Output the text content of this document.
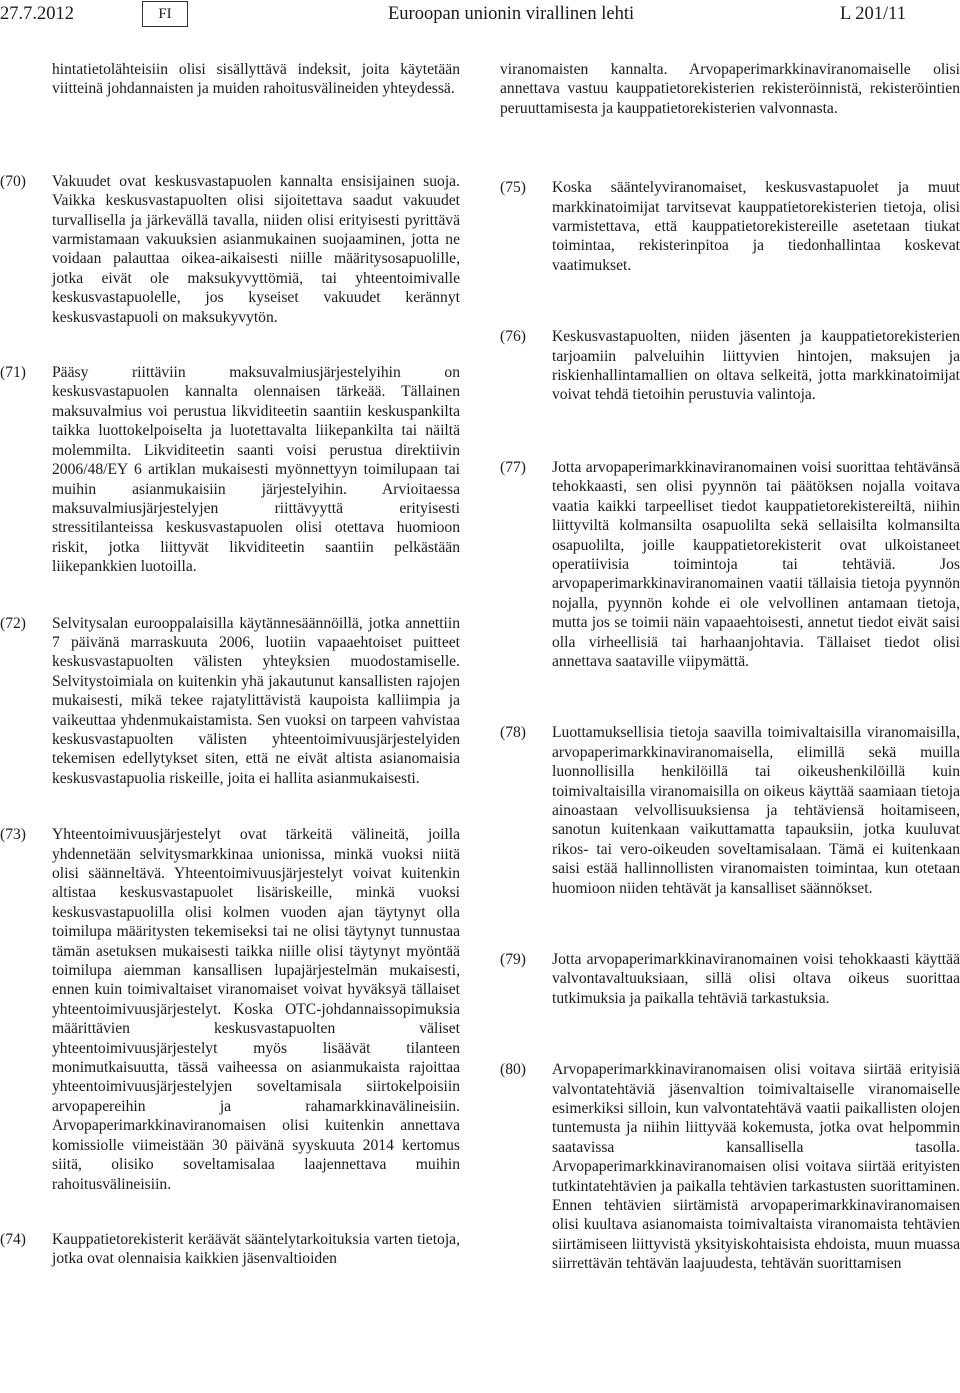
27.7.2012	FI	Euroopan unionin virallinen lehti	L 201/11

hintatietolähteisiin olisi sisällyttävä indeksit, joita käytetään viitteinä johdannaisten ja muiden rahoitusvälineiden yhteydessä.

(70) Vakuudet ovat keskusvastapuolen kannalta ensisijainen suoja. Vaikka keskusvastapuolten olisi sijoitettava saadut vakuudet turvallisella ja järkevällä tavalla, niiden olisi erityisesti pyrittävä varmistamaan vakuuksien asianmukainen suojaaminen, jotta ne voidaan palauttaa oikea-aikaisesti niille määritysosapuolille, jotka eivät ole maksukyvyttömiä, tai yhteentoimivalle keskusvastapuolelle, jos kyseiset vakuudet kerännyt keskusvastapuoli on maksukyvytön.

(71) Pääsy riittäviin maksuvalmiusjärjestelyihin on keskusvastapuolen kannalta olennaisen tärkeää. Tällainen maksuvalmius voi perustua likviditeetin saantiin keskuspankilta taikka luottokelpoiselta ja luotettavalta liikepankilta tai näiltä molemmilta. Likviditeetin saanti voisi perustua direktiivin 2006/48/EY 6 artiklan mukaisesti myönnettyyn toimilupaan tai muihin asianmukaisiin järjestelyihin. Arvioitaessa maksuvalmiusjärjestelyjen riittävyyttä erityisesti stressitilanteissa keskusvastapuolen olisi otettava huomioon riskit, jotka liittyvät likviditeetin saantiin pelkästään liikepankkien luotoilla.

(72) Selvitysalan eurooppalaisilla käytännesäännöillä, jotka annettiin 7 päivänä marraskuuta 2006, luotiin vapaaehtoiset puitteet keskusvastapuolten välisten yhteyksien muodostamiselle. Selvitystoimiala on kuitenkin yhä jakautunut kansallisten rajojen mukaisesti, mikä tekee rajatylittävistä kaupoista kalliimpia ja vaikeuttaa yhdenmukaistamista. Sen vuoksi on tarpeen vahvistaa keskusvastapuolten välisten yhteentoimivuusjärjestelyiden tekemisen edellytykset siten, että ne eivät altista asianomaisia keskusvastapuolia riskeille, joita ei hallita asianmukaisesti.

(73) Yhteentoimivuusjärjestelyt ovat tärkeitä välineitä, joilla yhdennetään selvitysmarkkinaa unionissa, minkä vuoksi niitä olisi säänneltävä. Yhteentoimivuusjärjestelyt voivat kuitenkin altistaa keskusvastapuolet lisäriskeille, minkä vuoksi keskusvastapuolilla olisi kolmen vuoden ajan täytynyt olla toimilupa määritysten tekemiseksi tai ne olisi täytynyt tunnustaa tämän asetuksen mukaisesti taikka niille olisi täytynyt myöntää toimilupa aiemman kansallisen lupajärjestelmän mukaisesti, ennen kuin toimivaltaiset viranomaiset voivat hyväksyä tällaiset yhteentoimivuusjärjestelyt. Koska OTC-johdannaissopimuksia määrittävien keskusvastapuolten väliset yhteentoimivuusjärjestelyt myös lisäävät tilanteen monimutkaisuutta, tässä vaiheessa on asianmukaista rajoittaa yhteentoimivuusjärjestelyjen soveltamisala siirtokelpoisiin arvopapereihin ja rahamarkkinavälineisiin. Arvopaperimarkkinaviranomaisen olisi kuitenkin annettava komissiolle viimeistään 30 päivänä syyskuuta 2014 kertomus siitä, olisiko soveltamisalaa laajennettava muihin rahoitusvälineisiin.

(74) Kauppatietorekisterit keräävät sääntelytarkoituksia varten tietoja, jotka ovat olennaisia kaikkien jäsenvaltioiden

viranomaisten kannalta. Arvopaperimarkkinaviranomaiselle olisi annettava vastuu kauppatietorekisterien rekisteröinnistä, rekisteröintien peruuttamisesta ja kauppatietorekisterien valvonnasta.

(75) Koska sääntelyviranomaiset, keskusvastapuolet ja muut markkinatoimijat tarvitsevat kauppatietorekisterien tietoja, olisi varmistettava, että kauppatietorekistereille asetetaan tiukat toimintaa, rekisterinpitoa ja tiedonhallintaa koskevat vaatimukset.

(76) Keskusvastapuolten, niiden jäsenten ja kauppatietorekisterien tarjoamiin palveluihin liittyvien hintojen, maksujen ja riskienhallintamallien on oltava selkeitä, jotta markkinatoimijat voivat tehdä tietoihin perustuvia valintoja.

(77) Jotta arvopaperimarkkinaviranomainen voisi suorittaa tehtävänsä tehokkaasti, sen olisi pyynnön tai päätöksen nojalla voitava vaatia kaikki tarpeelliset tiedot kauppatietorekistereiltä, niihin liittyviltä kolmansilta osapuolilta sekä sellaisilta kolmansilta osapuolilta, joille kauppatietorekisterit ovat ulkoistaneet operatiivisia toimintoja tai tehtäviä. Jos arvopaperimarkkinaviranomainen vaatii tällaisia tietoja pyynnön nojalla, pyynnön kohde ei ole velvollinen antamaan tietoja, mutta jos se toimii näin vapaaehtoisesti, annetut tiedot eivät saisi olla virheellisiä tai harhaanjohtavia. Tällaiset tiedot olisi annettava saataville viipymättä.

(78) Luottamuksellisia tietoja saavilla toimivaltaisilla viranomaisilla, arvopaperimarkkinaviranomaisella, elimillä sekä muilla luonnollisilla henkilöillä tai oikeushenkilöillä kuin toimivaltaisilla viranomaisilla on oikeus käyttää saamiaan tietoja ainoastaan velvollisuuksiensa ja tehtäviensä hoitamiseen, sanotun kuitenkaan vaikuttamatta tapauksiin, jotka kuuluvat rikos- tai vero-oikeuden soveltamisalaan. Tämä ei kuitenkaan saisi estää hallinnollisten viranomaisten toimintaa, kun otetaan huomioon niiden tehtävät ja kansalliset säännökset.

(79) Jotta arvopaperimarkkinaviranomainen voisi tehokkaasti käyttää valvontavaltuuksiaan, sillä olisi oltava oikeus suorittaa tutkimuksia ja paikalla tehtäviä tarkastuksia.

(80) Arvopaperimarkkinaviranomaisen olisi voitava siirtää erityisiä valvontatehtäviä jäsenvaltion toimivaltaiselle viranomaiselle esimerkiksi silloin, kun valvontatehtävä vaatii paikallisten olojen tuntemusta ja niihin liittyvää kokemusta, jotka ovat helpommin saatavissa kansallisella tasolla. Arvopaperimarkkinaviranomaisen olisi voitava siirtää erityisten tutkintatehtävien ja paikalla tehtävien tarkastusten suorittaminen. Ennen tehtävien siirtämistä arvopaperimarkkinaviranomaisen olisi kuultava asianomaista toimivaltaista viranomaista tehtävien siirtämiseen liittyvistä yksityiskohtaisista ehdoista, muun muassa siirrettävän tehtävän laajuudesta, tehtävän suorittamisen
